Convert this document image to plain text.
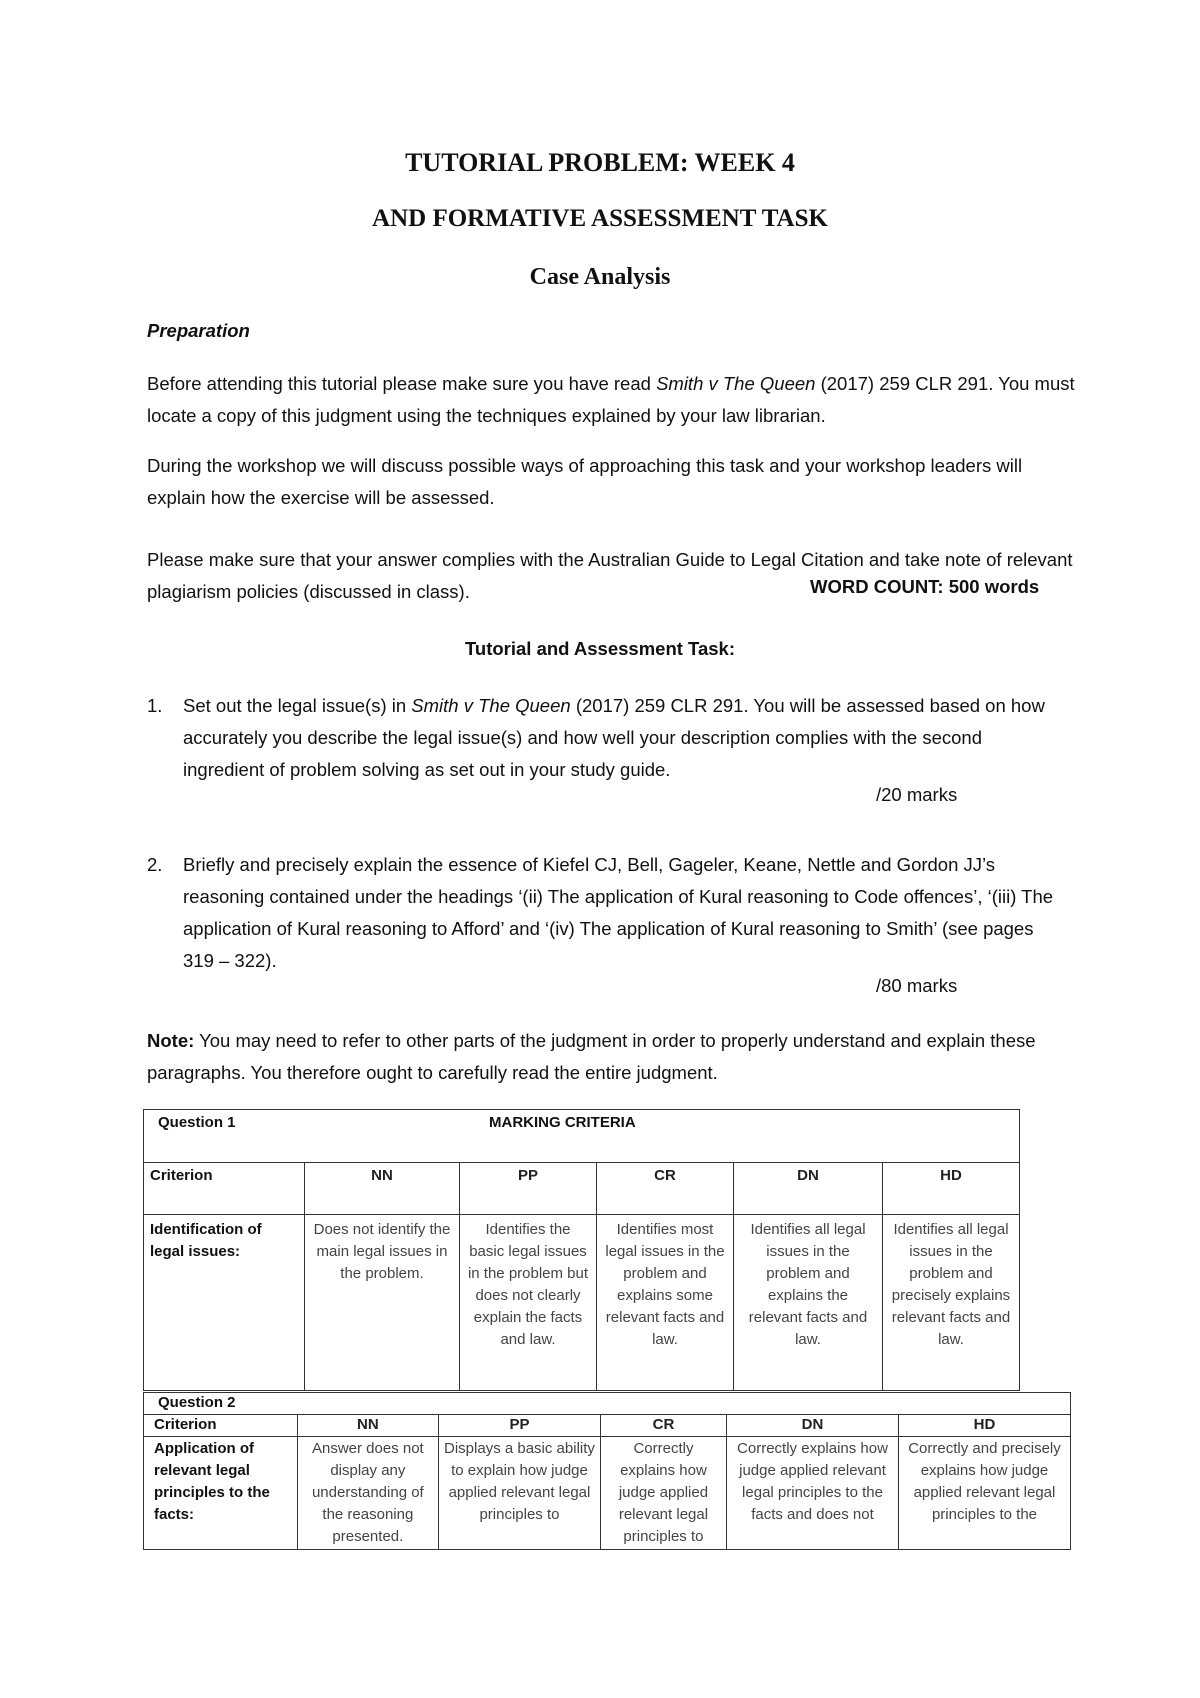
TUTORIAL PROBLEM: WEEK 4
AND FORMATIVE ASSESSMENT TASK
Case Analysis
Preparation
Before attending this tutorial please make sure you have read Smith v The Queen (2017) 259 CLR 291. You must locate a copy of this judgment using the techniques explained by your law librarian.
During the workshop we will discuss possible ways of approaching this task and your workshop leaders will explain how the exercise will be assessed.
Please make sure that your answer complies with the Australian Guide to Legal Citation and take note of relevant plagiarism policies (discussed in class).	WORD COUNT: 500 words
Tutorial and Assessment Task:
1. Set out the legal issue(s) in Smith v The Queen (2017) 259 CLR 291. You will be assessed based on how accurately you describe the legal issue(s) and how well your description complies with the second ingredient of problem solving as set out in your study guide.
/20 marks
2. Briefly and precisely explain the essence of Kiefel CJ, Bell, Gageler, Keane, Nettle and Gordon JJ’s reasoning contained under the headings ‘(ii) The application of Kural reasoning to Code offences’, ‘(iii) The application of Kural reasoning to Afford’ and ‘(iv) The application of Kural reasoning to Smith’ (see pages 319 – 322).
/80 marks
Note: You may need to refer to other parts of the judgment in order to properly understand and explain these paragraphs. You therefore ought to carefully read the entire judgment.
Question 1 MARKING CRITERIA					

Criterion	NN	PP	CR	DN	HD
Identification of legal issues:	Does not identify the main legal issues in the problem.	Identifies the basic legal issues in the problem but does not clearly explain the facts and law.	Identifies most legal issues in the problem and explains some relevant facts and law.	Identifies all legal issues in the problem and explains the relevant facts and law.	Identifies all legal issues in the problem and precisely explains relevant facts and law.
Question 2					
Criterion	NN	PP	CR	DN	HD

Application of relevant legal principles to the facts:	Answer does not display any understanding of the reasoning presented.	Displays a basic ability to explain how judge applied relevant legal principles to	Correctly explains how judge applied relevant legal principles to	Correctly explains how judge applied relevant legal principles to the facts and does not	Correctly and precisely explains how judge applied relevant legal principles to the
